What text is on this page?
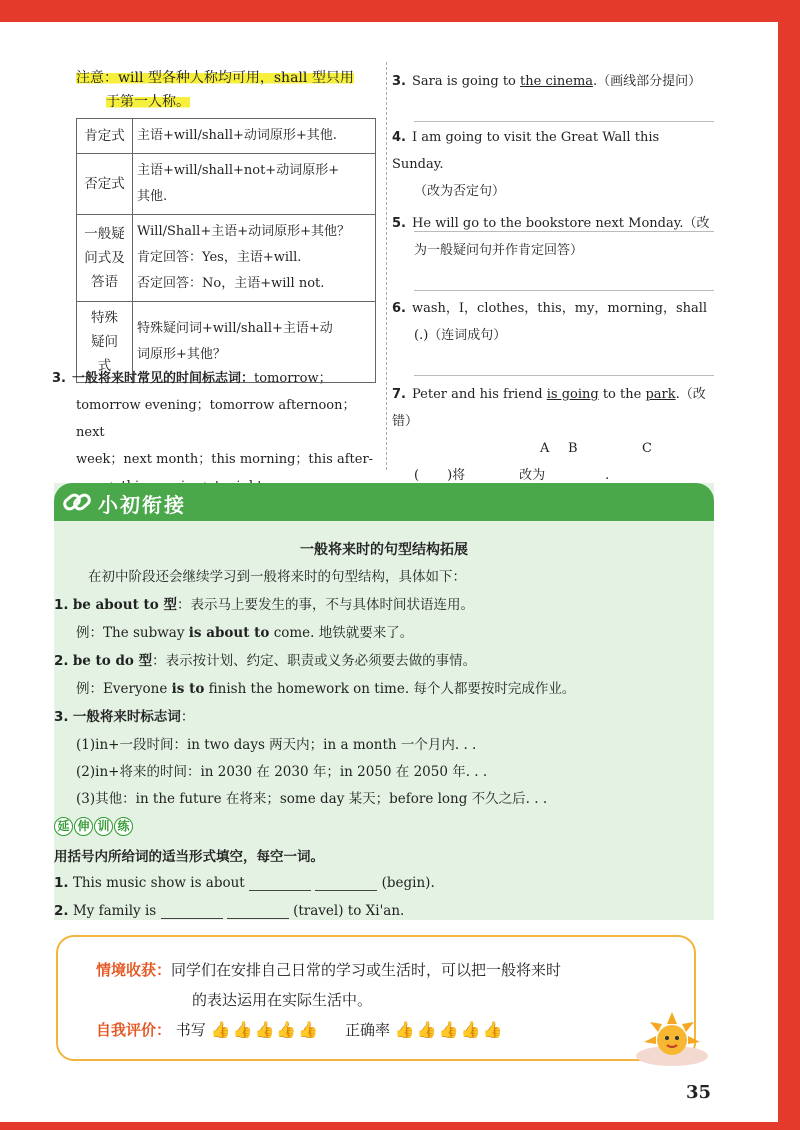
注意：will 型各种人称均可用，shall 型只用
于第一人称。
肯定式	主语+will/shall+动词原形+其他.

否定式	主语+will/shall+not+动词原形+
其他.

一般疑问式及答语	Will/Shall+主语+动词原形+其他？
肯定回答：Yes，主语+will.
否定回答：No，主语+will not.

特殊疑问式	特殊疑问词+will/shall+主语+动
词原形+其他？
3. 一般将来时常见的时间标志词：tomorrow；
tomorrow evening；tomorrow afternoon；next
week；next month；this morning；this after-
3. Sara is going to the cinema.（画线部分提问）
4. I am going to visit the Great Wall this Sunday.
（改为否定句）
5. He will go to the bookstore next Monday.（改
为一般疑问句并作肯定回答）
6. wash，I，clothes，this，my，morning，shall
(.)（连词成句）
7. Peter and his friend is going to the park.（改错）
A B	C
( )将	改为	.
小初衔接
一般将来时的句型结构拓展
在初中阶段还会继续学习到一般将来时的句型结构，具体如下：
1. be about to 型：表示马上要发生的事，不与具体时间状语连用。
例：The subway is about to come. 地铁就要来了。
2. be to do 型：表示按计划、约定、职责或义务必须要去做的事情。
例：Everyone is to finish the homework on time. 每个人都要按时完成作业。
3. 一般将来时标志词：
(1)in+一段时间：in two days 两天内；in a month 一个月内. . .
(2)in+将来的时间：in 2030 在 2030 年；in 2050 在 2050 年. . .
(3)其他：in the future 在将来；some day 某天；before long 不久之后. . .
延 伸 训 练
用括号内所给词的适当形式填空，每空一词。
1. This music show is about	(begin).
2. My family is	(travel) to Xi'an.
情境收获：同学们在安排自己日常的学习或生活时，可以把一般将来时
的表达运用在实际生活中。
自我评价： 书写 👍 👍 👍 👍 👍 正确率 👍 👍 👍 👍 👍
35
